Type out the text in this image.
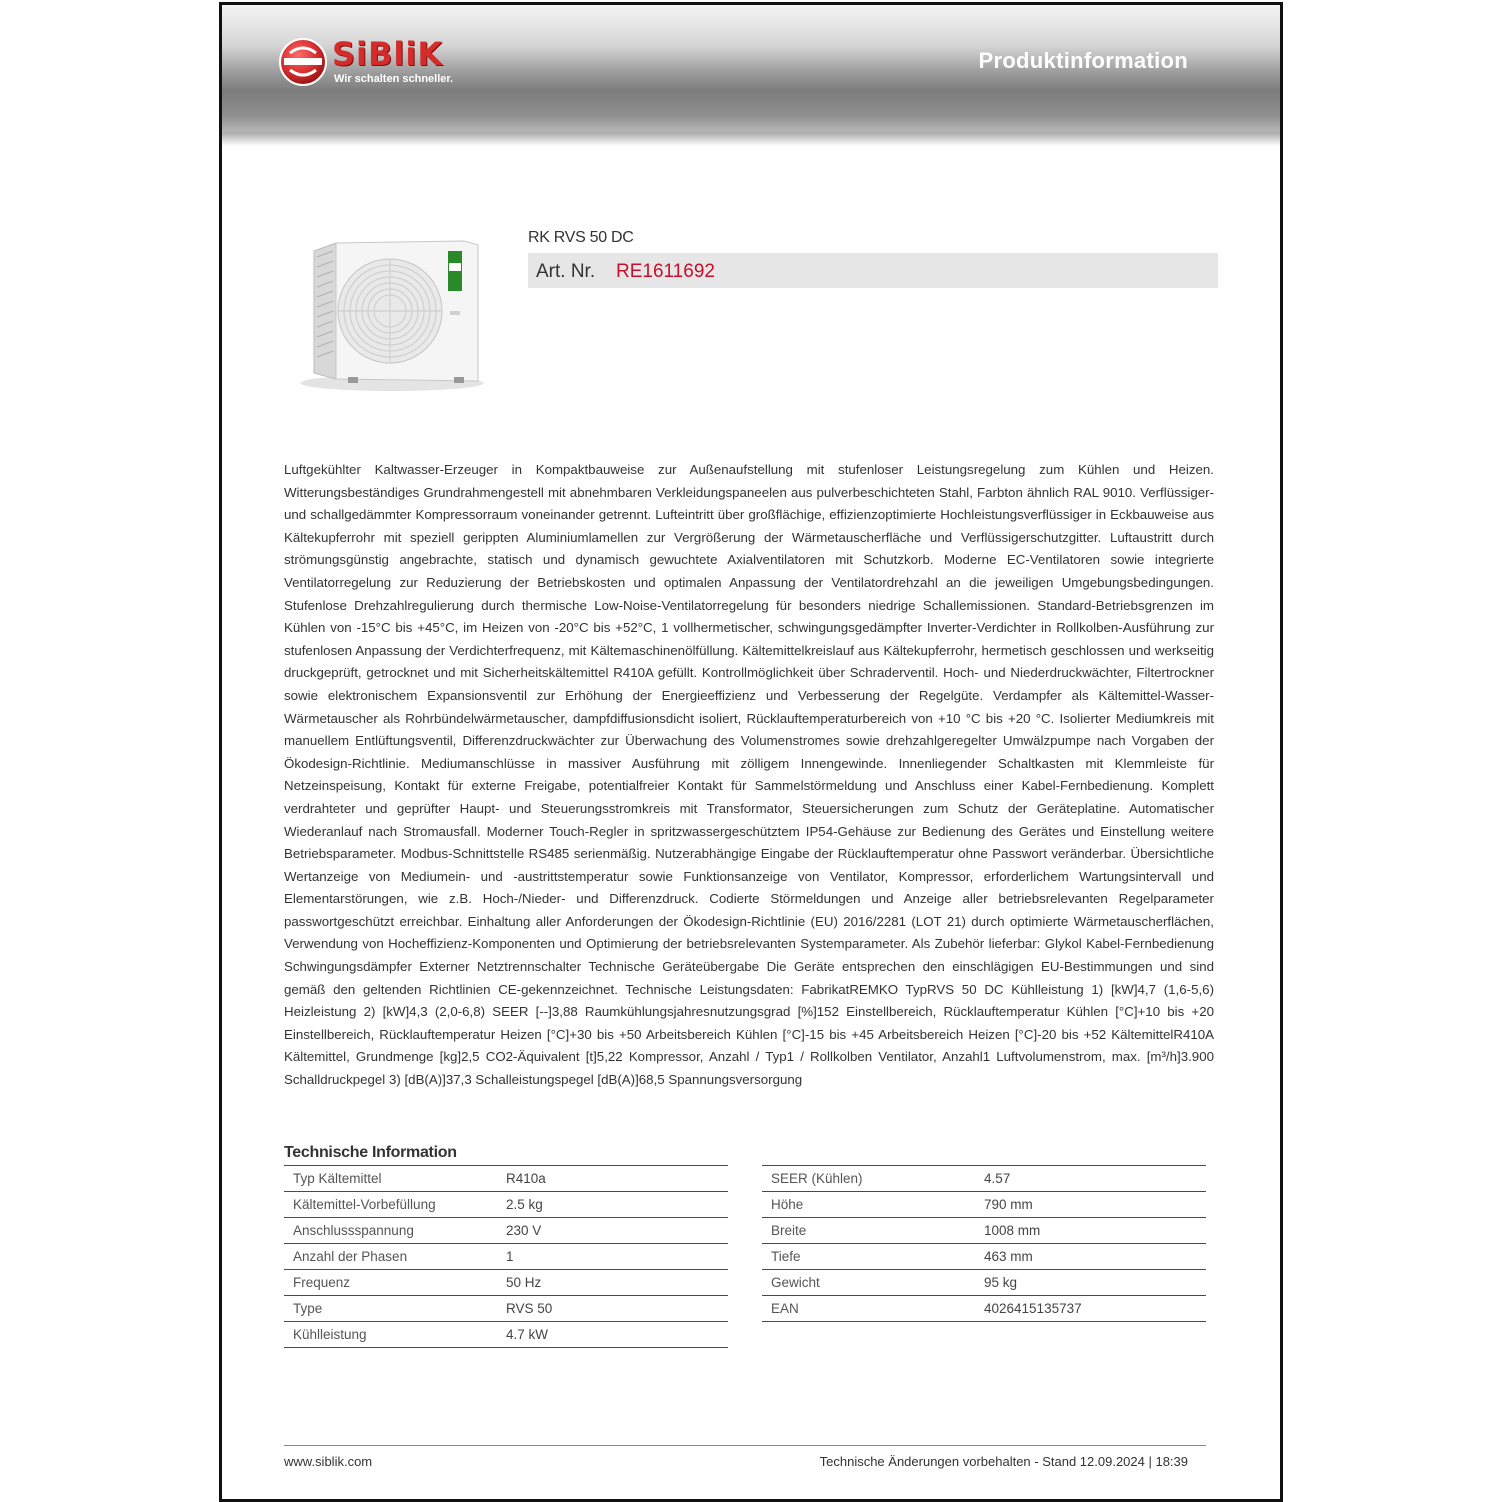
SiBliK
Wir schalten schneller.
Produktinformation
RK RVS 50 DC
Art. Nr. RE1611692
Luftgekühlter Kaltwasser-Erzeuger in Kompaktbauweise zur Außenaufstellung mit stufenloser Leistungsregelung zum Kühlen und Heizen. Witterungsbeständiges Grundrahmengestell mit abnehmbaren Verkleidungspaneelen aus pulverbeschichteten Stahl, Farbton ähnlich RAL 9010. Verflüssiger- und schallgedämmter Kompressorraum voneinander getrennt. Lufteintritt über großflächige, effizienzoptimierte Hochleistungsverflüssiger in Eckbauweise aus Kältekupferrohr mit speziell gerippten Aluminiumlamellen zur Vergrößerung der Wärmetauscherfläche und Verflüssigerschutzgitter. Luftaustritt durch strömungsgünstig angebrachte, statisch und dynamisch gewuchtete Axialventilatoren mit Schutzkorb. Moderne EC-Ventilatoren sowie integrierte Ventilatorregelung zur Reduzierung der Betriebskosten und optimalen Anpassung der Ventilatordrehzahl an die jeweiligen Umgebungsbedingungen. Stufenlose Drehzahlregulierung durch thermische Low-Noise-Ventilatorregelung für besonders niedrige Schallemissionen. Standard-Betriebsgrenzen im Kühlen von -15°C bis +45°C, im Heizen von -20°C bis +52°C, 1 vollhermetischer, schwingungsgedämpfter Inverter-Verdichter in Rollkolben-Ausführung zur stufenlosen Anpassung der Verdichterfrequenz, mit Kältemaschinenölfüllung. Kältemittelkreislauf aus Kältekupferrohr, hermetisch geschlossen und werkseitig druckgeprüft, getrocknet und mit Sicherheitskältemittel R410A gefüllt. Kontrollmöglichkeit über Schraderventil. Hoch- und Niederdruckwächter, Filtertrockner sowie elektronischem Expansionsventil zur Erhöhung der Energieeffizienz und Verbesserung der Regelgüte. Verdampfer als Kältemittel-Wasser-Wärmetauscher als Rohrbündelwärmetauscher, dampfdiffusionsdicht isoliert, Rücklauftemperaturbereich von +10 °C bis +20 °C. Isolierter Mediumkreis mit manuellem Entlüftungsventil, Differenzdruckwächter zur Überwachung des Volumenstromes sowie drehzahlgeregelter Umwälzpumpe nach Vorgaben der Ökodesign-Richtlinie. Mediumanschlüsse in massiver Ausführung mit zölligem Innengewinde. Innenliegender Schaltkasten mit Klemmleiste für Netzeinspeisung, Kontakt für externe Freigabe, potentialfreier Kontakt für Sammelstörmeldung und Anschluss einer Kabel-Fernbedienung. Komplett verdrahteter und geprüfter Haupt- und Steuerungsstromkreis mit Transformator, Steuersicherungen zum Schutz der Geräteplatine. Automatischer Wiederanlauf nach Stromausfall. Moderner Touch-Regler in spritzwassergeschütztem IP54-Gehäuse zur Bedienung des Gerätes und Einstellung weitere Betriebsparameter. Modbus-Schnittstelle RS485 serienmäßig. Nutzerabhängige Eingabe der Rücklauftemperatur ohne Passwort veränderbar. Übersichtliche Wertanzeige von Mediumein- und -austrittstemperatur sowie Funktionsanzeige von Ventilator, Kompressor, erforderlichem Wartungsintervall und Elementarstörungen, wie z.B. Hoch-/Nieder- und Differenzdruck. Codierte Störmeldungen und Anzeige aller betriebsrelevanten Regelparameter passwortgeschützt erreichbar. Einhaltung aller Anforderungen der Ökodesign-Richtlinie (EU) 2016/2281 (LOT 21) durch optimierte Wärmetauscherflächen, Verwendung von Hocheffizienz-Komponenten und Optimierung der betriebsrelevanten Systemparameter. Als Zubehör lieferbar: Glykol Kabel-Fernbedienung Schwingungsdämpfer Externer Netztrennschalter Technische Geräteübergabe Die Geräte entsprechen den einschlägigen EU-Bestimmungen und sind gemäß den geltenden Richtlinien CE-gekennzeichnet. Technische Leistungsdaten: FabrikatREMKO TypRVS 50 DC Kühlleistung 1) [kW]4,7 (1,6-5,6) Heizleistung 2) [kW]4,3 (2,0-6,8) SEER [--]3,88 Raumkühlungsjahresnutzungsgrad [%]152 Einstellbereich, Rücklauftemperatur Kühlen [°C]+10 bis +20 Einstellbereich, Rücklauftemperatur Heizen [°C]+30 bis +50 Arbeitsbereich Kühlen [°C]-15 bis +45 Arbeitsbereich Heizen [°C]-20 bis +52 KältemittelR410A Kältemittel, Grundmenge [kg]2,5 CO2-Äquivalent [t]5,22 Kompressor, Anzahl / Typ1 / Rollkolben Ventilator, Anzahl1 Luftvolumenstrom, max. [m³/h]3.900 Schalldruckpegel 3) [dB(A)]37,3 Schalleistungspegel [dB(A)]68,5 Spannungsversorgung
Technische Information
Typ Kältemittel	R410a
Kältemittel-Vorbefüllung	2.5 kg
Anschlussspannung	230 V
Anzahl der Phasen	1
Frequenz	50 Hz
Type	RVS 50
Kühlleistung	4.7 kW
SEER (Kühlen)	4.57
Höhe	790 mm
Breite	1008 mm
Tiefe	463 mm
Gewicht	95 kg
EAN	4026415135737
www.siblik.com	Technische Änderungen vorbehalten - Stand 12.09.2024 | 18:39
